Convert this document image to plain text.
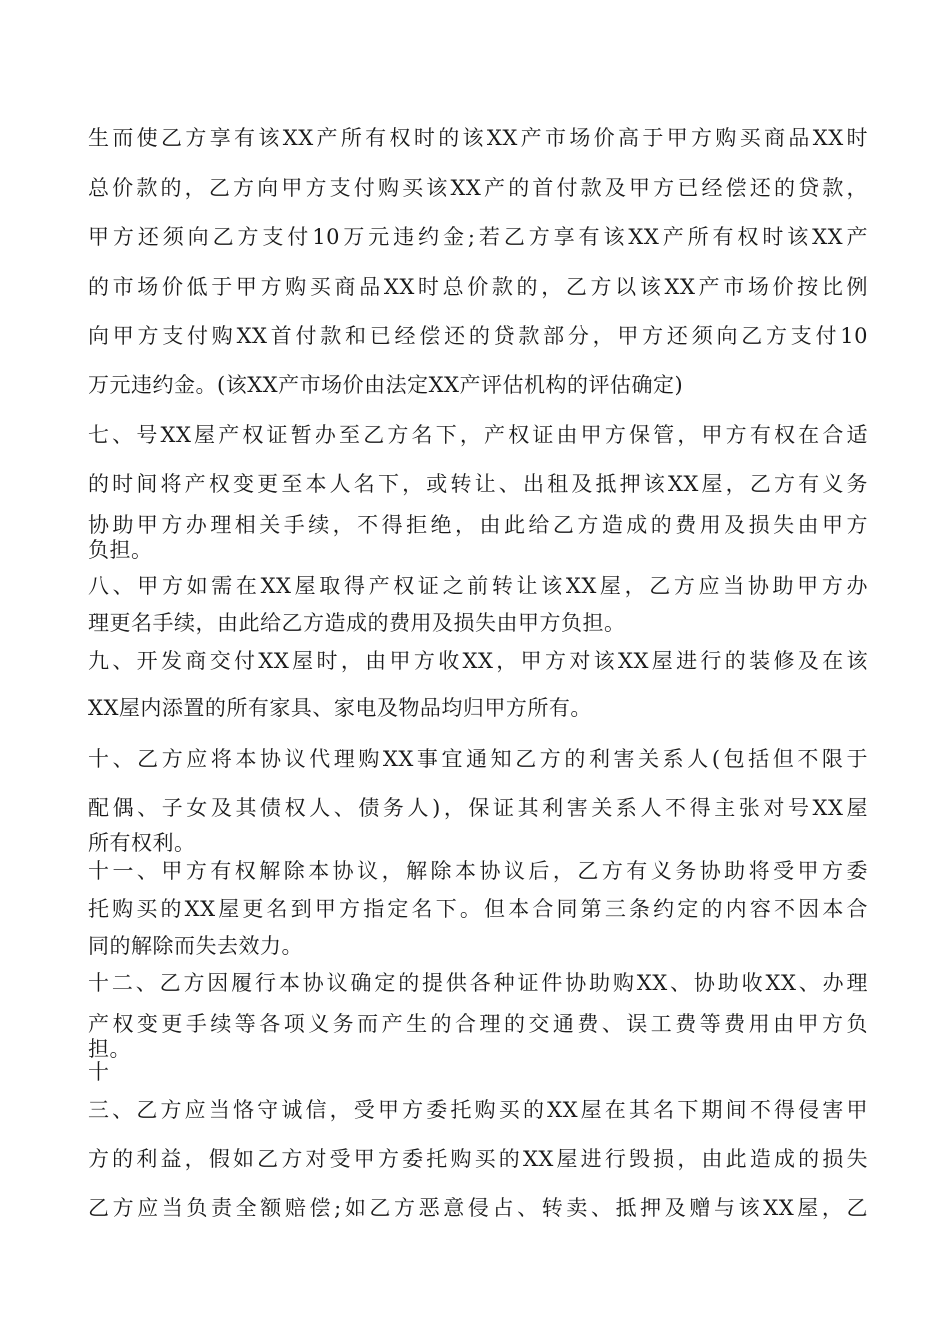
生而使乙方享有该XX产所有权时的该XX产市场价高于甲方购买商品XX时
总价款的，乙方向甲方支付购买该XX产的首付款及甲方已经偿还的贷款，
甲方还须向乙方支付10万元违约金;若乙方享有该XX产所有权时该XX产
的市场价低于甲方购买商品XX时总价款的，乙方以该XX产市场价按比例
向甲方支付购XX首付款和已经偿还的贷款部分，甲方还须向乙方支付10
万元违约金。(该XX产市场价由法定XX产评估机构的评估确定)
七、号XX屋产权证暂办至乙方名下，产权证由甲方保管，甲方有权在合适
的时间将产权变更至本人名下，或转让、出租及抵押该XX屋，乙方有义务
协助甲方办理相关手续，不得拒绝，由此给乙方造成的费用及损失由甲方
负担。
八、甲方如需在XX屋取得产权证之前转让该XX屋，乙方应当协助甲方办
理更名手续，由此给乙方造成的费用及损失由甲方负担。
九、开发商交付XX屋时，由甲方收XX，甲方对该XX屋进行的装修及在该
XX屋内添置的所有家具、家电及物品均归甲方所有。
十、乙方应将本协议代理购XX事宜通知乙方的利害关系人(包括但不限于
配偶、子女及其债权人、债务人)，保证其利害关系人不得主张对号XX屋
所有权利。
十一、甲方有权解除本协议，解除本协议后，乙方有义务协助将受甲方委
托购买的XX屋更名到甲方指定名下。但本合同第三条约定的内容不因本合
同的解除而失去效力。
十二、乙方因履行本协议确定的提供各种证件协助购XX、协助收XX、办理
产权变更手续等各项义务而产生的合理的交通费、误工费等费用由甲方负
担。
十
三、乙方应当恪守诚信，受甲方委托购买的XX屋在其名下期间不得侵害甲
方的利益，假如乙方对受甲方委托购买的XX屋进行毁损，由此造成的损失
乙方应当负责全额赔偿;如乙方恶意侵占、转卖、抵押及赠与该XX屋，乙
